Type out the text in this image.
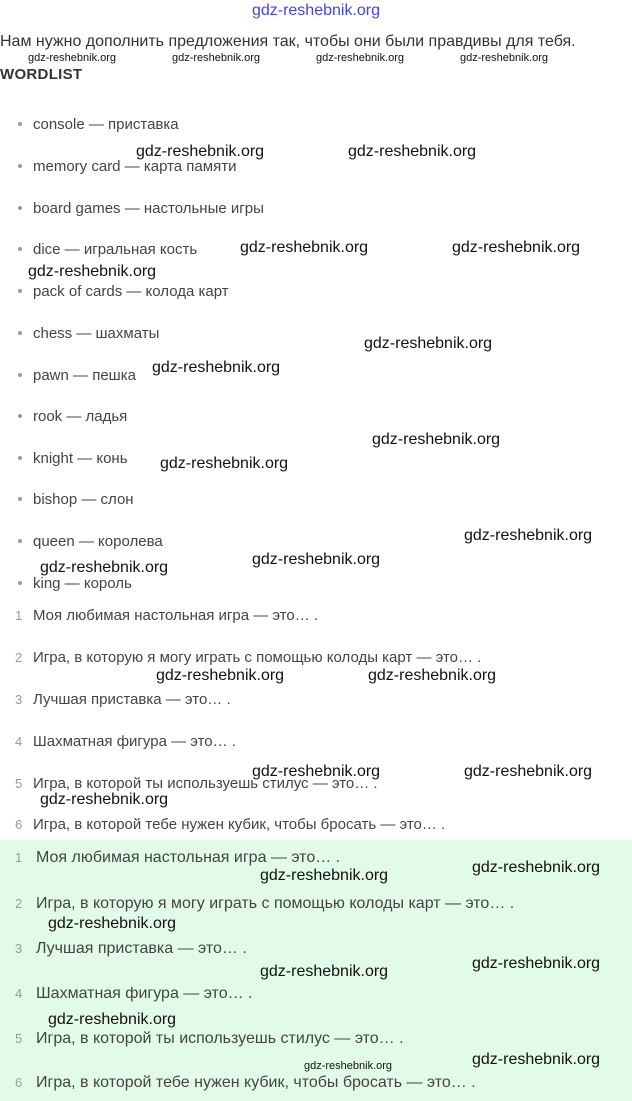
gdz-reshebnik.org
Нам нужно дополнить предложения так, чтобы они были правдивы для тебя.
WORDLIST
console — приставка
memory card — карта памяти
board games — настольные игры
dice — игральная кость
pack of cards — колода карт
chess — шахматы
pawn — пешка
rook — ладья
knight — конь
bishop — слон
queen — королева
king — король
1 Моя любимая настольная игра — это… .
2 Игра, в которую я могу играть с помощью колоды карт — это… .
3 Лучшая приставка — это… .
4 Шахматная фигура — это… .
5 Игра, в которой ты используешь стилус — это… .
6 Игра, в которой тебе нужен кубик, чтобы бросать — это… .
1 Моя любимая настольная игра — это… .
2 Игра, в которую я могу играть с помощью колоды карт — это… .
3 Лучшая приставка — это… .
4 Шахматная фигура — это… .
5 Игра, в которой ты используешь стилус — это… .
6 Игра, в которой тебе нужен кубик, чтобы бросать — это… .
gdz-reshebnik.org	gdz-reshebnik.org	gdz-reshebnik.org	gdz-reshebnik.org
gdz-reshebnik.org	gdz-reshebnik.org
gdz-reshebnik.org	gdz-reshebnik.org
gdz-reshebnik.org
gdz-reshebnik.org
gdz-reshebnik.org
gdz-reshebnik.org
gdz-reshebnik.org
gdz-reshebnik.org
gdz-reshebnik.org
gdz-reshebnik.org
gdz-reshebnik.org	gdz-reshebnik.org
gdz-reshebnik.org	gdz-reshebnik.org
gdz-reshebnik.org
gdz-reshebnik.org
gdz-reshebnik.org
gdz-reshebnik.org
gdz-reshebnik.org
gdz-reshebnik.org
gdz-reshebnik.org
gdz-reshebnik.org
gdz-reshebnik.org
